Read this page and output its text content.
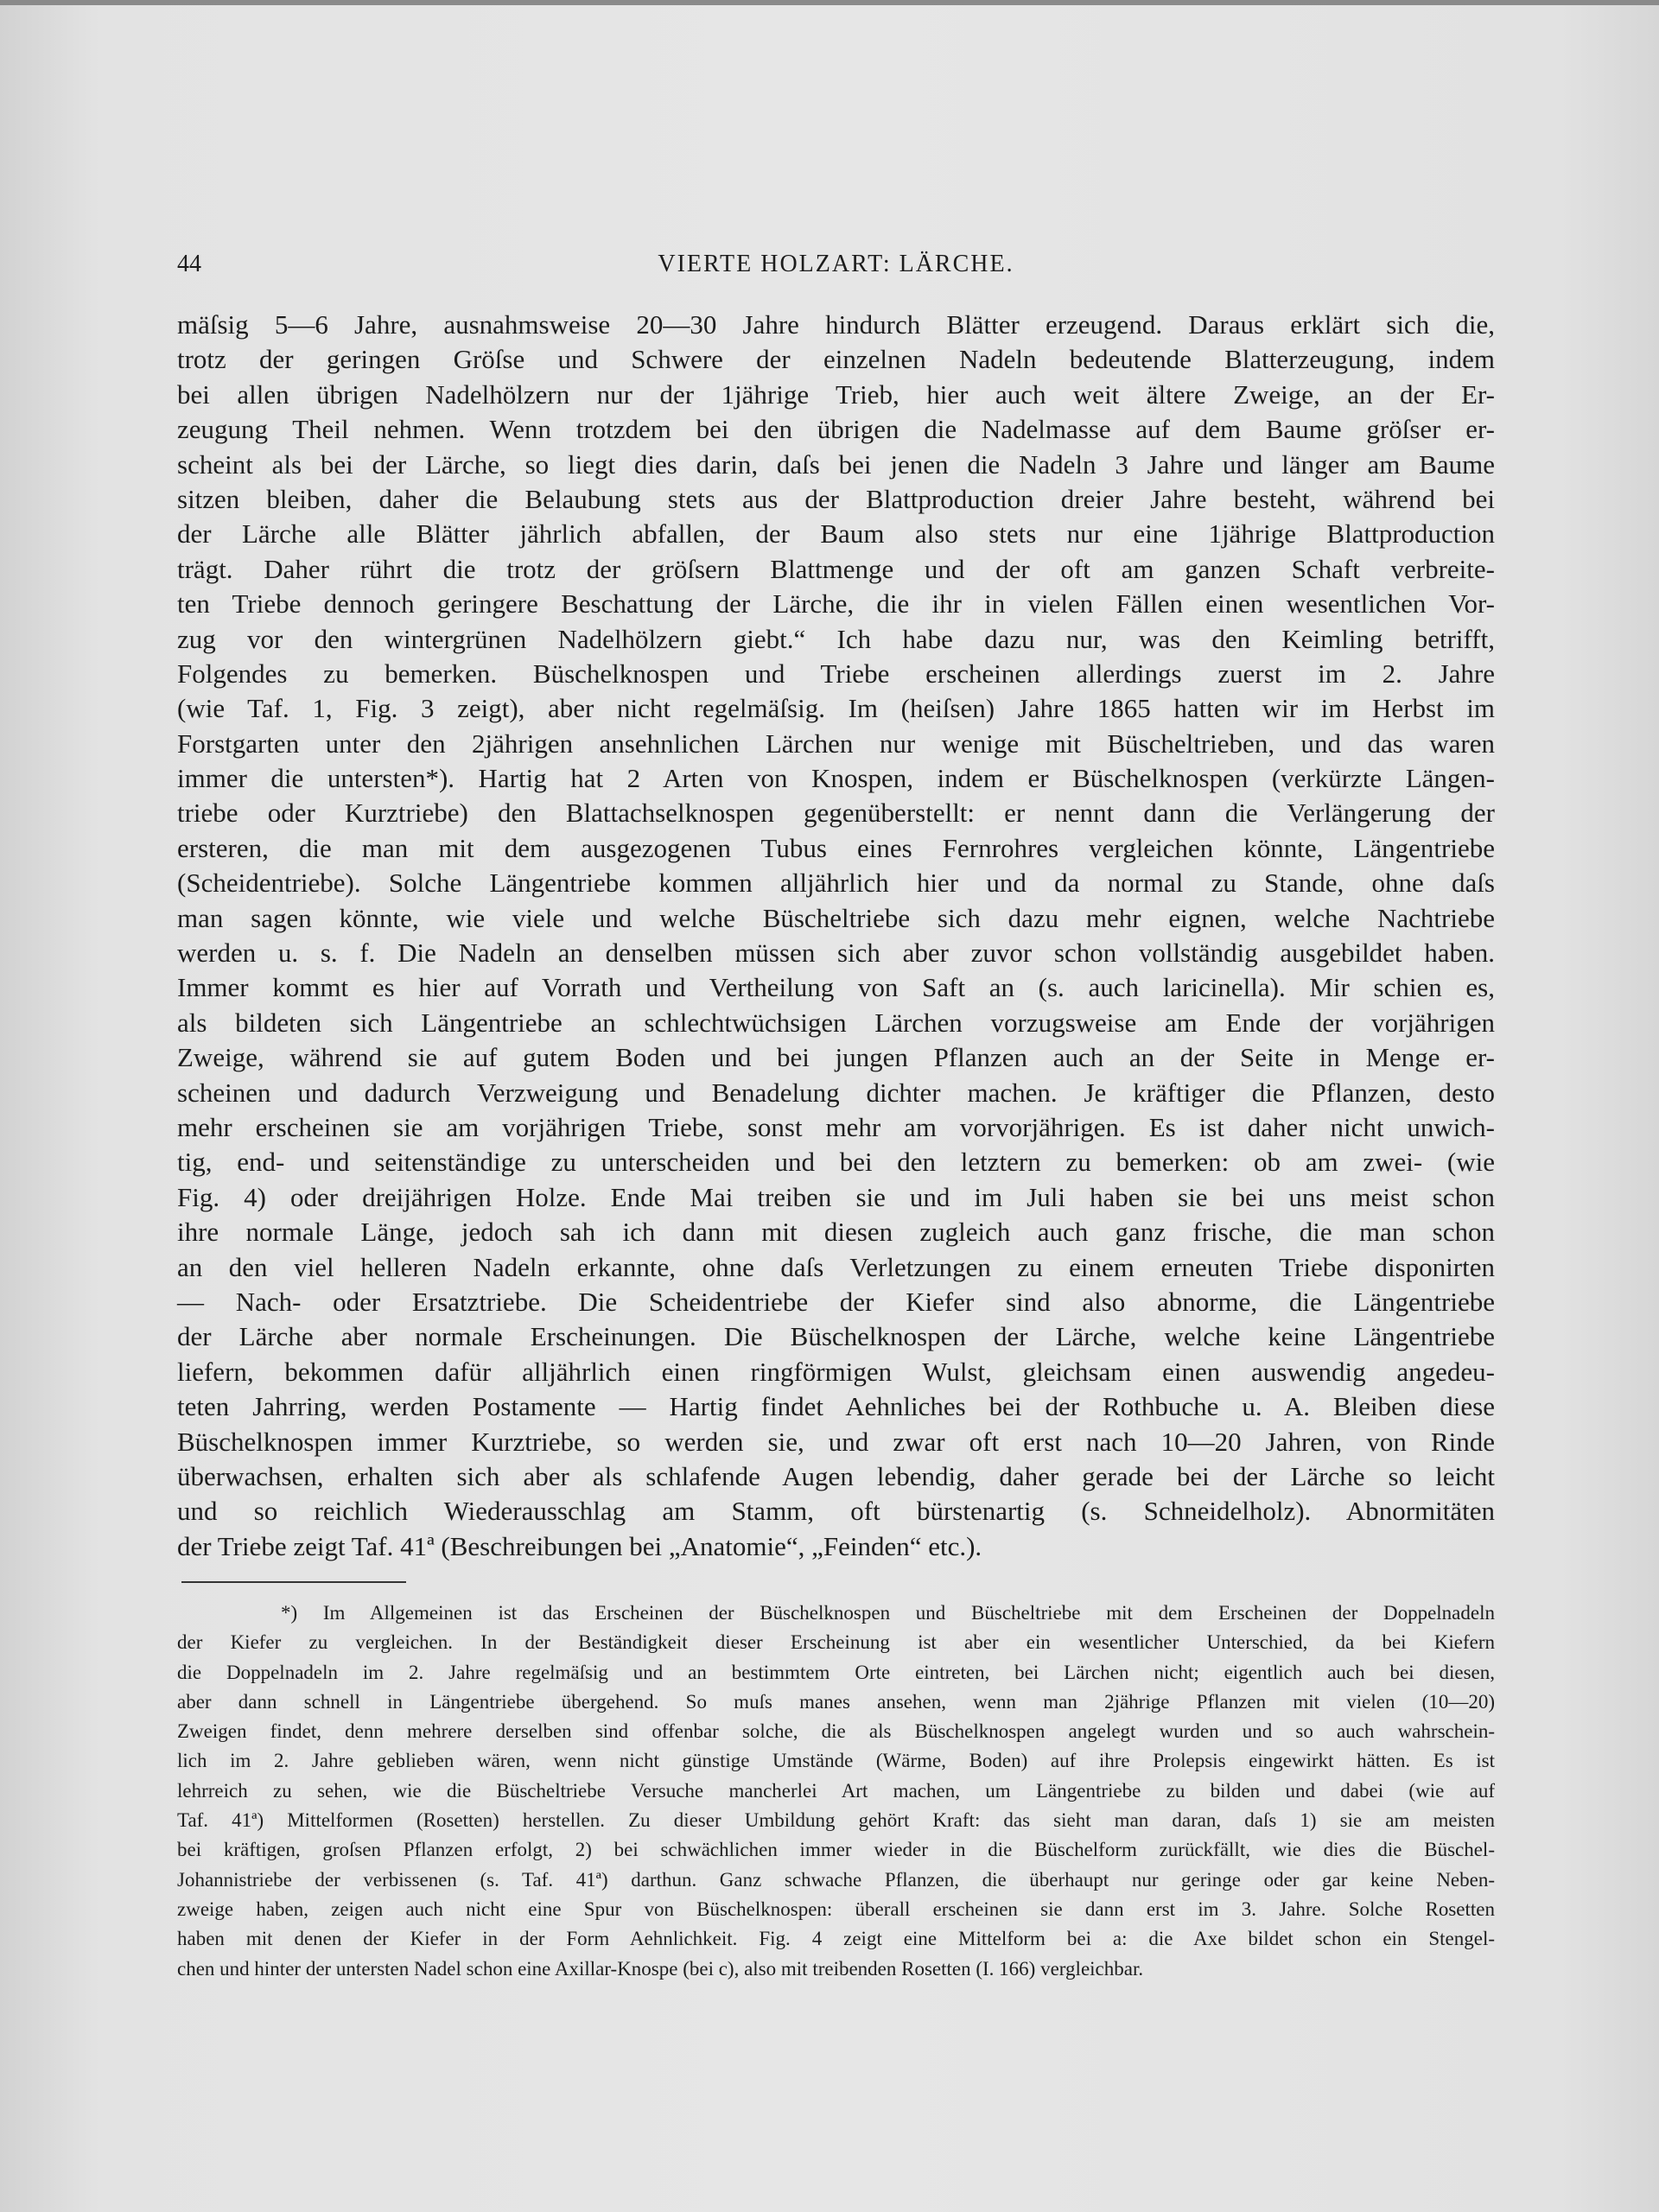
44	VIERTE HOLZART: LÄRCHE.
mäſsig 5—6 Jahre, ausnahmsweise 20—30 Jahre hindurch Blätter erzeugend. Daraus erklärt sich die,
trotz der geringen Gröſse und Schwere der einzelnen Nadeln bedeutende Blatterzeugung, indem
bei allen übrigen Nadelhölzern nur der 1jährige Trieb, hier auch weit ältere Zweige, an der Er-
zeugung Theil nehmen. Wenn trotzdem bei den übrigen die Nadelmasse auf dem Baume gröſser er-
scheint als bei der Lärche, so liegt dies darin, daſs bei jenen die Nadeln 3 Jahre und länger am Baume
sitzen bleiben, daher die Belaubung stets aus der Blattproduction dreier Jahre besteht, während bei
der Lärche alle Blätter jährlich abfallen, der Baum also stets nur eine 1jährige Blattproduction
trägt. Daher rührt die trotz der gröſsern Blattmenge und der oft am ganzen Schaft verbreite-
ten Triebe dennoch geringere Beschattung der Lärche, die ihr in vielen Fällen einen wesentlichen Vor-
zug vor den wintergrünen Nadelhölzern giebt.“ Ich habe dazu nur, was den Keimling betrifft,
Folgendes zu bemerken. Büschelknospen und Triebe erscheinen allerdings zuerst im 2. Jahre
(wie Taf. 1, Fig. 3 zeigt), aber nicht regelmäſsig. Im (heiſsen) Jahre 1865 hatten wir im Herbst im
Forstgarten unter den 2jährigen ansehnlichen Lärchen nur wenige mit Büscheltrieben, und das waren
immer die untersten*). Hartig hat 2 Arten von Knospen, indem er Büschelknospen (verkürzte Längen-
triebe oder Kurztriebe) den Blattachselknospen gegenüberstellt: er nennt dann die Verlängerung der
ersteren, die man mit dem ausgezogenen Tubus eines Fernrohres vergleichen könnte, Längentriebe
(Scheidentriebe). Solche Längentriebe kommen alljährlich hier und da normal zu Stande, ohne daſs
man sagen könnte, wie viele und welche Büscheltriebe sich dazu mehr eignen, welche Nachtriebe
werden u. s. f. Die Nadeln an denselben müssen sich aber zuvor schon vollständig ausgebildet haben.
Immer kommt es hier auf Vorrath und Vertheilung von Saft an (s. auch laricinella). Mir schien es,
als bildeten sich Längentriebe an schlechtwüchsigen Lärchen vorzugsweise am Ende der vorjährigen
Zweige, während sie auf gutem Boden und bei jungen Pflanzen auch an der Seite in Menge er-
scheinen und dadurch Verzweigung und Benadelung dichter machen. Je kräftiger die Pflanzen, desto
mehr erscheinen sie am vorjährigen Triebe, sonst mehr am vorvorjährigen. Es ist daher nicht unwich-
tig, end- und seitenständige zu unterscheiden und bei den letztern zu bemerken: ob am zwei- (wie
Fig. 4) oder dreijährigen Holze. Ende Mai treiben sie und im Juli haben sie bei uns meist schon
ihre normale Länge, jedoch sah ich dann mit diesen zugleich auch ganz frische, die man schon
an den viel helleren Nadeln erkannte, ohne daſs Verletzungen zu einem erneuten Triebe disponirten
— Nach- oder Ersatztriebe. Die Scheidentriebe der Kiefer sind also abnorme, die Längentriebe
der Lärche aber normale Erscheinungen. Die Büschelknospen der Lärche, welche keine Längentriebe
liefern, bekommen dafür alljährlich einen ringförmigen Wulst, gleichsam einen auswendig angedeu-
teten Jahrring, werden Postamente — Hartig findet Aehnliches bei der Rothbuche u. A. Bleiben diese
Büschelknospen immer Kurztriebe, so werden sie, und zwar oft erst nach 10—20 Jahren, von Rinde
überwachsen, erhalten sich aber als schlafende Augen lebendig, daher gerade bei der Lärche so leicht
und so reichlich Wiederausschlag am Stamm, oft bürstenartig (s. Schneidelholz). Abnormitäten
der Triebe zeigt Taf. 41ª (Beschreibungen bei „Anatomie“, „Feinden“ etc.).
*) Im Allgemeinen ist das Erscheinen der Büschelknospen und Büscheltriebe mit dem Erscheinen der Doppelnadeln
der Kiefer zu vergleichen. In der Beständigkeit dieser Erscheinung ist aber ein wesentlicher Unterschied, da bei Kiefern
die Doppelnadeln im 2. Jahre regelmäſsig und an bestimmtem Orte eintreten, bei Lärchen nicht; eigentlich auch bei diesen,
aber dann schnell in Längentriebe übergehend. So muſs manes ansehen, wenn man 2jährige Pflanzen mit vielen (10—20)
Zweigen findet, denn mehrere derselben sind offenbar solche, die als Büschelknospen angelegt wurden und so auch wahrschein-
lich im 2. Jahre geblieben wären, wenn nicht günstige Umstände (Wärme, Boden) auf ihre Prolepsis eingewirkt hätten. Es ist
lehrreich zu sehen, wie die Büscheltriebe Versuche mancherlei Art machen, um Längentriebe zu bilden und dabei (wie auf
Taf. 41ª) Mittelformen (Rosetten) herstellen. Zu dieser Umbildung gehört Kraft: das sieht man daran, daſs 1) sie am meisten
bei kräftigen, groſsen Pflanzen erfolgt, 2) bei schwächlichen immer wieder in die Büschelform zurückfällt, wie dies die Büschel-
Johannistriebe der verbissenen (s. Taf. 41ª) darthun. Ganz schwache Pflanzen, die überhaupt nur geringe oder gar keine Neben-
zweige haben, zeigen auch nicht eine Spur von Büschelknospen: überall erscheinen sie dann erst im 3. Jahre. Solche Rosetten
haben mit denen der Kiefer in der Form Aehnlichkeit. Fig. 4 zeigt eine Mittelform bei a: die Axe bildet schon ein Stengel-
chen und hinter der untersten Nadel schon eine Axillar-Knospe (bei c), also mit treibenden Rosetten (I. 166) vergleichbar.
